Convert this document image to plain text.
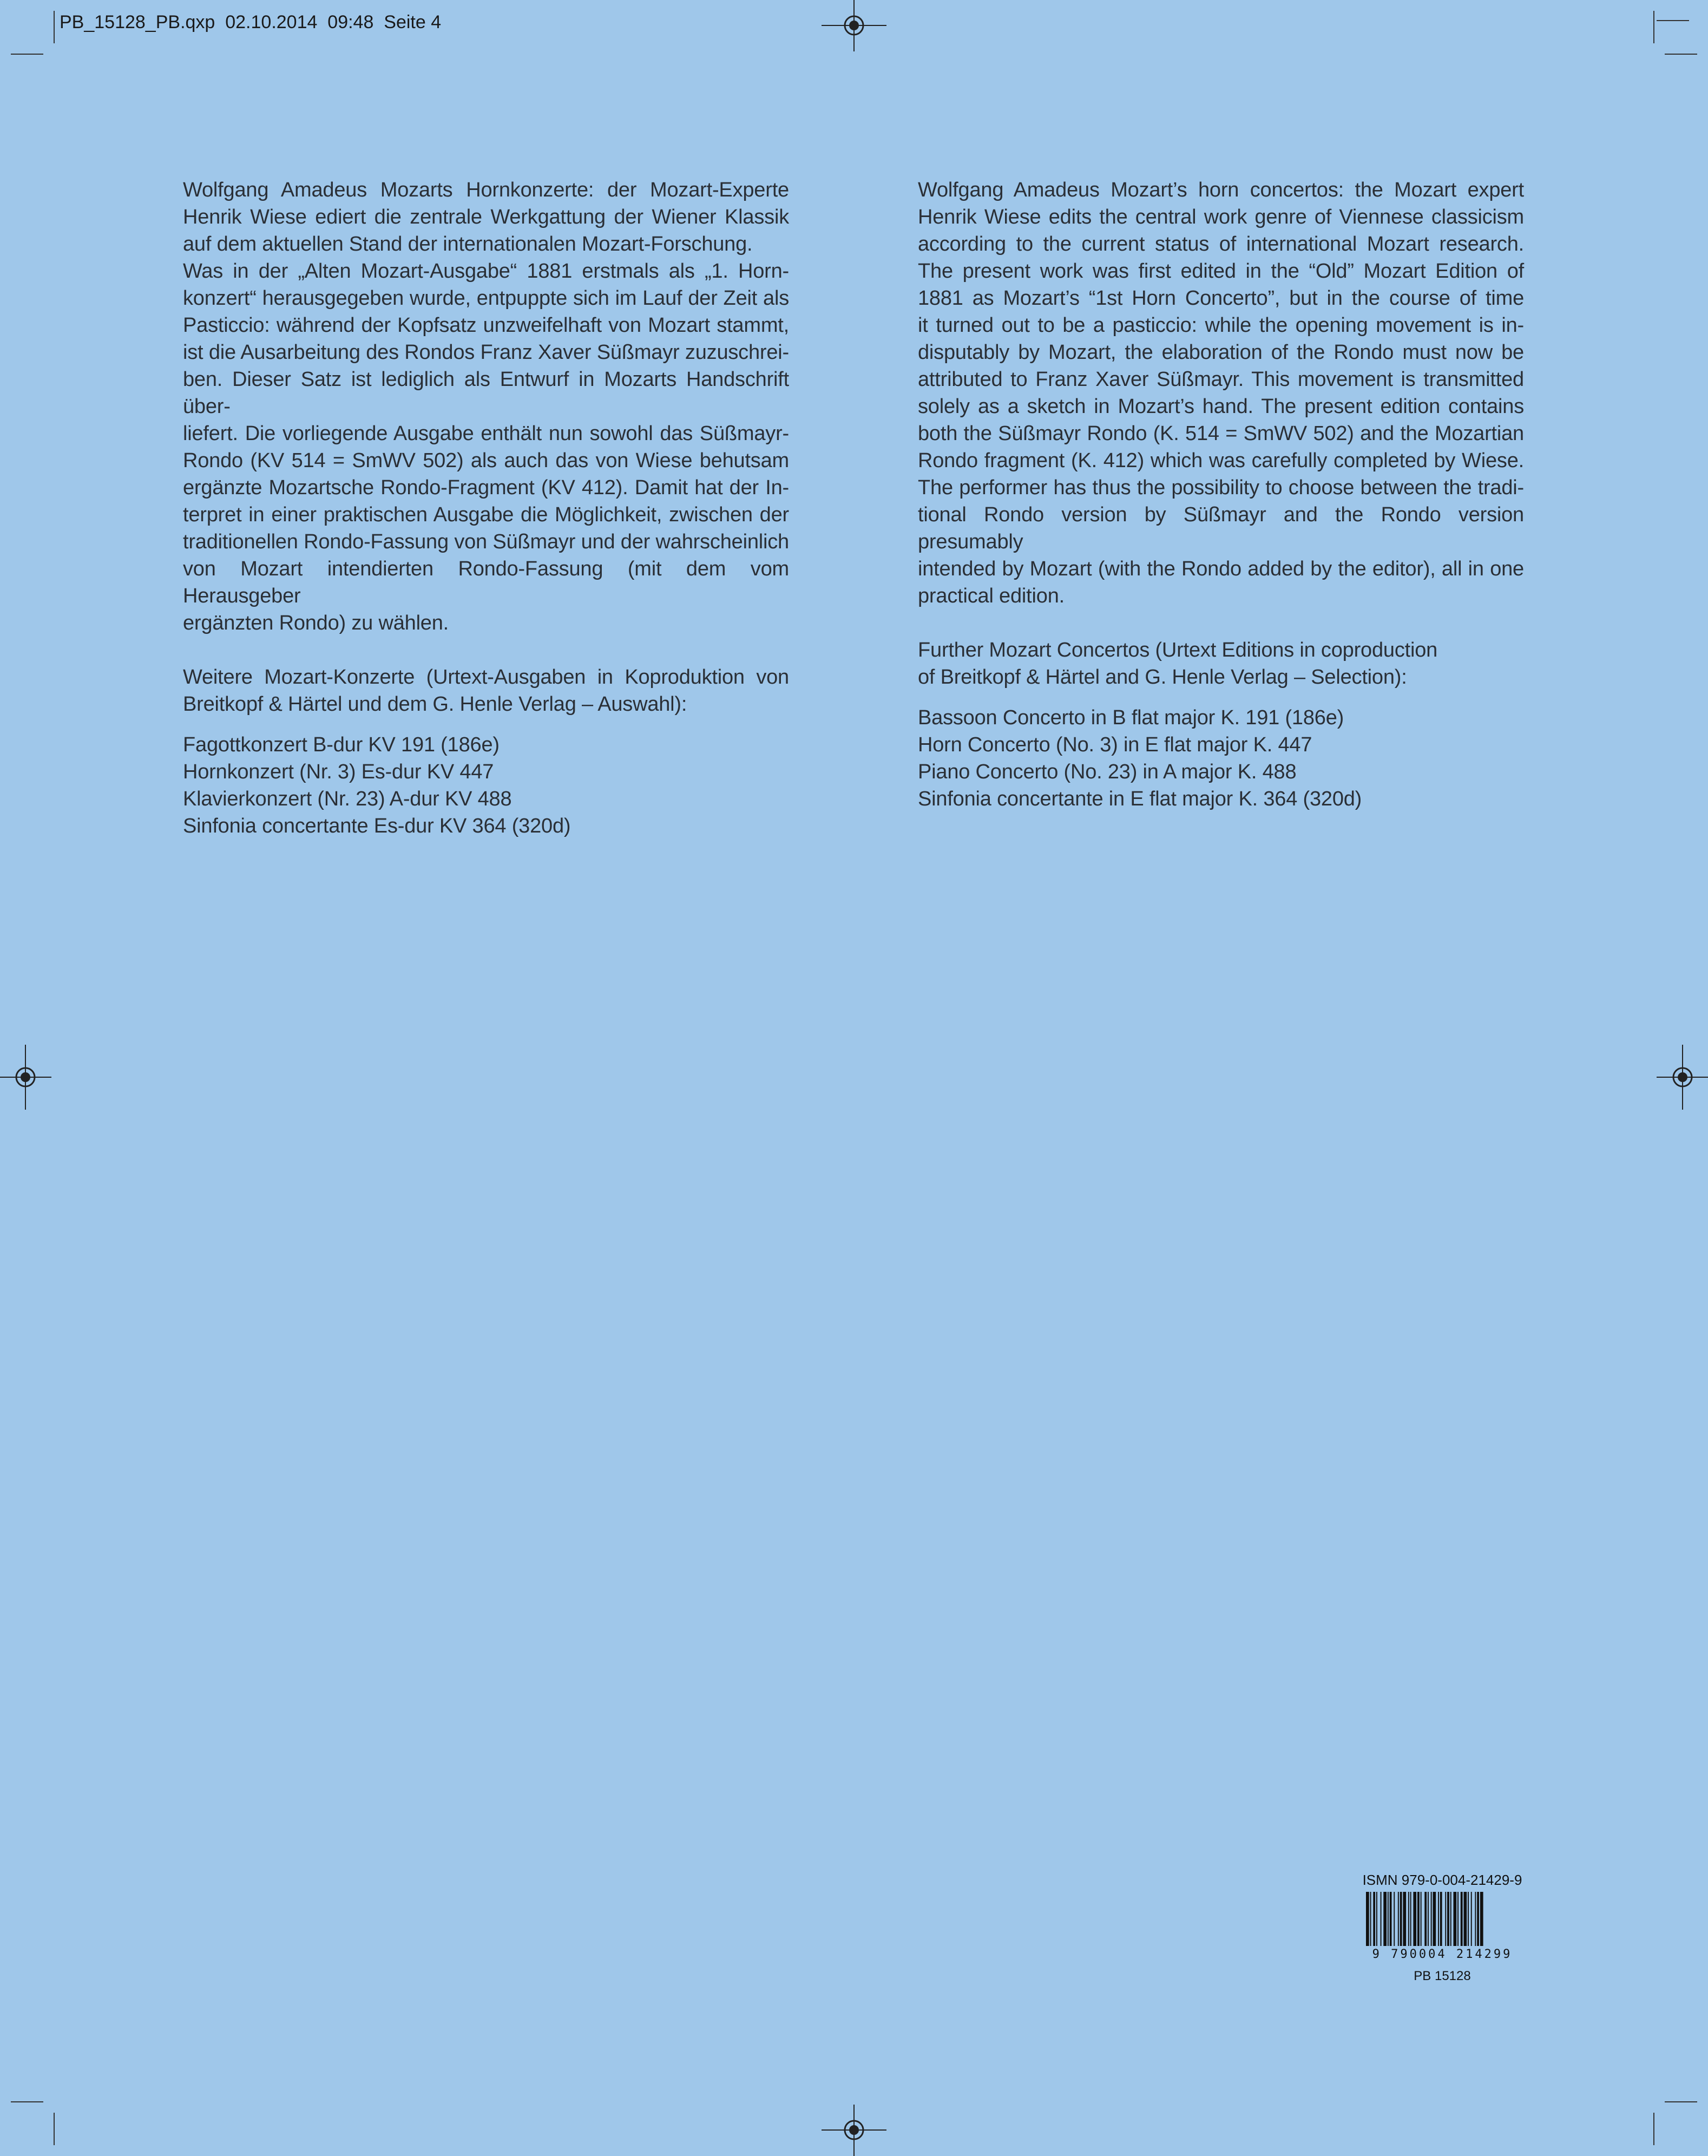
PB_15128_PB.qxp  02.10.2014  09:48  Seite 4
Wolfgang Amadeus Mozarts Hornkonzerte: der Mozart-Experte
Henrik Wiese ediert die zentrale Werkgattung der Wiener Klassik
auf dem aktuellen Stand der internationalen Mozart-Forschung.
Was in der „Alten Mozart-Ausgabe“ 1881 erstmals als „1. Horn-
konzert“ herausgegeben wurde, entpuppte sich im Lauf der Zeit als
Pasticcio: während der Kopfsatz unzweifelhaft von Mozart stammt,
ist die Ausarbeitung des Rondos Franz Xaver Süßmayr zuzuschrei-
ben. Dieser Satz ist lediglich als Entwurf in Mozarts Handschrift über-
liefert. Die vorliegende Ausgabe enthält nun sowohl das Süßmayr-
Rondo (KV 514 = SmWV 502) als auch das von Wiese behutsam
ergänzte Mozartsche Rondo-Fragment (KV 412). Damit hat der In-
terpret in einer praktischen Ausgabe die Möglichkeit, zwischen der
traditionellen Rondo-Fassung von Süßmayr und der wahrscheinlich
von Mozart intendierten Rondo-Fassung (mit dem vom Herausgeber
ergänzten Rondo) zu wählen.
Weitere Mozart-Konzerte (Urtext-Ausgaben in Koproduktion von
Breitkopf & Härtel und dem G. Henle Verlag – Auswahl):
Fagottkonzert B-dur KV 191 (186e)
Hornkonzert (Nr. 3) Es-dur KV 447
Klavierkonzert (Nr. 23) A-dur KV 488
Sinfonia concertante Es-dur KV 364 (320d)
Wolfgang Amadeus Mozart’s horn concertos: the Mozart expert
Henrik Wiese edits the central work genre of Viennese classicism
according to the current status of international Mozart research.
The present work was first edited in the “Old” Mozart Edition of
1881 as Mozart’s “1st Horn Concerto”, but in the course of time
it turned out to be a pasticcio: while the opening movement is in-
disputably by Mozart, the elaboration of the Rondo must now be
attributed to Franz Xaver Süßmayr. This movement is transmitted
solely as a sketch in Mozart’s hand. The present edition contains
both the Süßmayr Rondo (K. 514 = SmWV 502) and the Mozartian
Rondo fragment (K. 412) which was carefully completed by Wiese.
The performer has thus the possibility to choose between the tradi-
tional Rondo version by Süßmayr and the Rondo version presumably
intended by Mozart (with the Rondo added by the editor), all in one
practical edition.
Further Mozart Concertos (Urtext Editions in coproduction
of Breitkopf & Härtel and G. Henle Verlag – Selection):
Bassoon Concerto in B flat major K. 191 (186e)
Horn Concerto (No. 3) in E flat major K. 447
Piano Concerto (No. 23) in A major K. 488
Sinfonia concertante in E flat major K. 364 (320d)
ISMN 979-0-004-21429-9
9 790004 214299
PB 15128
